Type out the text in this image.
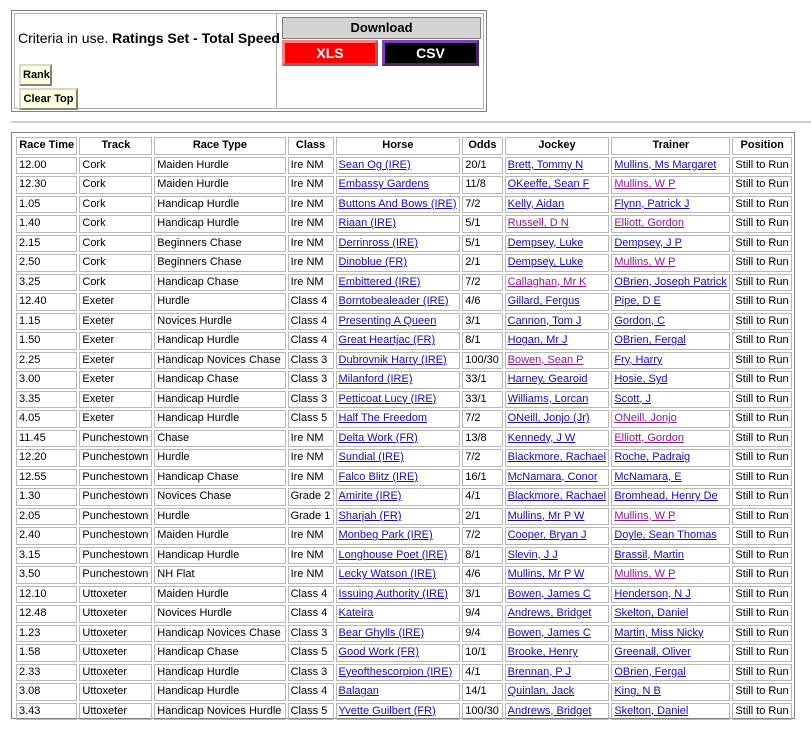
Criteria in use. Ratings Set - Total Speed
Rank
Clear Top
Download
XLS	CSV
Race Time	Track	Race Type	Class	Horse	Odds	Jockey	Trainer	Position
12.00	Cork	Maiden Hurdle	Ire NM	Sean Og (IRE)	20/1	Brett, Tommy N	Mullins, Ms Margaret	Still to Run
12.30	Cork	Maiden Hurdle	Ire NM	Embassy Gardens	11/8	OKeeffe, Sean F	Mullins, W P	Still to Run
1.05	Cork	Handicap Hurdle	Ire NM	Buttons And Bows (IRE)	7/2	Kelly, Aidan	Flynn, Patrick J	Still to Run
1.40	Cork	Handicap Hurdle	Ire NM	Riaan (IRE)	5/1	Russell, D N	Elliott, Gordon	Still to Run
2.15	Cork	Beginners Chase	Ire NM	Derrinross (IRE)	5/1	Dempsey, Luke	Dempsey, J P	Still to Run
2.50	Cork	Beginners Chase	Ire NM	Dinoblue (FR)	2/1	Dempsey, Luke	Mullins, W P	Still to Run
3.25	Cork	Handicap Chase	Ire NM	Embittered (IRE)	7/2	Callaghan, Mr K	OBrien, Joseph Patrick	Still to Run
12.40	Exeter	Hurdle	Class 4	Borntobealeader (IRE)	4/6	Gillard, Fergus	Pipe, D E	Still to Run
1.15	Exeter	Novices Hurdle	Class 4	Presenting A Queen	3/1	Cannon, Tom J	Gordon, C	Still to Run
1.50	Exeter	Handicap Hurdle	Class 4	Great Heartjac (FR)	8/1	Hogan, Mr J	OBrien, Fergal	Still to Run
2.25	Exeter	Handicap Novices Chase	Class 3	Dubrovnik Harry (IRE)	100/30	Bowen, Sean P	Fry, Harry	Still to Run
3.00	Exeter	Handicap Chase	Class 3	Milanford (IRE)	33/1	Harney, Gearoid	Hosie, Syd	Still to Run
3.35	Exeter	Handicap Hurdle	Class 3	Petticoat Lucy (IRE)	33/1	Williams, Lorcan	Scott, J	Still to Run
4.05	Exeter	Handicap Hurdle	Class 5	Half The Freedom	7/2	ONeill, Jonjo (Jr)	ONeill, Jonjo	Still to Run
11.45	Punchestown	Chase	Ire NM	Delta Work (FR)	13/8	Kennedy, J W	Elliott, Gordon	Still to Run
12.20	Punchestown	Hurdle	Ire NM	Sundial (IRE)	7/2	Blackmore, Rachael	Roche, Padraig	Still to Run
12.55	Punchestown	Handicap Chase	Ire NM	Falco Blitz (IRE)	16/1	McNamara, Conor	McNamara, E	Still to Run
1.30	Punchestown	Novices Chase	Grade 2	Amirite (IRE)	4/1	Blackmore, Rachael	Bromhead, Henry De	Still to Run
2.05	Punchestown	Hurdle	Grade 1	Sharjah (FR)	2/1	Mullins, Mr P W	Mullins, W P	Still to Run
2.40	Punchestown	Maiden Hurdle	Ire NM	Monbeg Park (IRE)	7/2	Cooper, Bryan J	Doyle, Sean Thomas	Still to Run
3.15	Punchestown	Handicap Hurdle	Ire NM	Longhouse Poet (IRE)	8/1	Slevin, J J	Brassil, Martin	Still to Run
3.50	Punchestown	NH Flat	Ire NM	Lecky Watson (IRE)	4/6	Mullins, Mr P W	Mullins, W P	Still to Run
12.10	Uttoxeter	Maiden Hurdle	Class 4	Issuing Authority (IRE)	3/1	Bowen, James C	Henderson, N J	Still to Run
12.48	Uttoxeter	Novices Hurdle	Class 4	Kateira	9/4	Andrews, Bridget	Skelton, Daniel	Still to Run
1.23	Uttoxeter	Handicap Novices Chase	Class 3	Bear Ghylls (IRE)	9/4	Bowen, James C	Martin, Miss Nicky	Still to Run
1.58	Uttoxeter	Handicap Chase	Class 5	Good Work (FR)	10/1	Brooke, Henry	Greenall, Oliver	Still to Run
2.33	Uttoxeter	Handicap Hurdle	Class 3	Eyeofthescorpion (IRE)	4/1	Brennan, P J	OBrien, Fergal	Still to Run
3.08	Uttoxeter	Handicap Hurdle	Class 4	Balagan	14/1	Quinlan, Jack	King, N B	Still to Run
3.43	Uttoxeter	Handicap Novices Hurdle	Class 5	Yvette Guilbert (FR)	100/30	Andrews, Bridget	Skelton, Daniel	Still to Run
